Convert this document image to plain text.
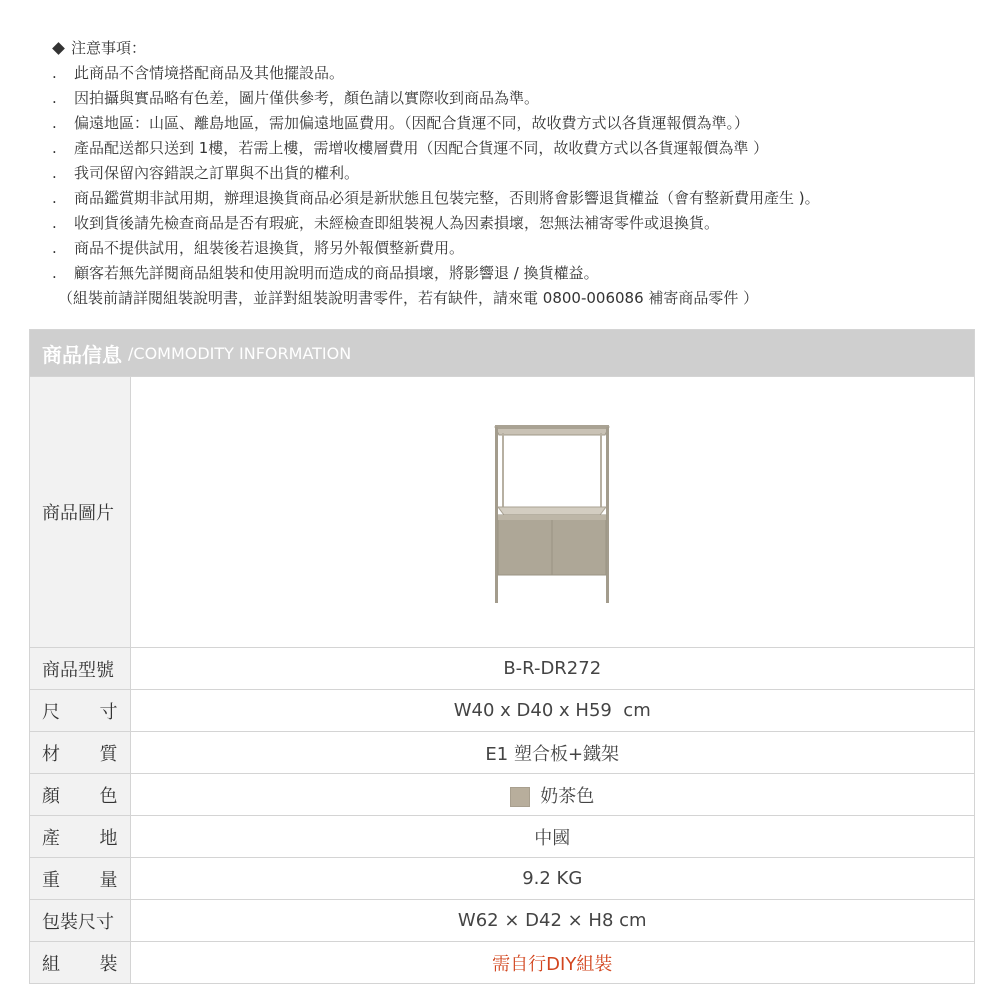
注意事項：
.	此商品不含情境搭配商品及其他擺設品。
.	因拍攝與實品略有色差，圖片僅供參考，顏色請以實際收到商品為準。
.	偏遠地區：山區、離島地區，需加偏遠地區費用。（因配合貨運不同，故收費方式以各貨運報價為準。）
.	產品配送都只送到 1樓，若需上樓，需增收樓層費用（因配合貨運不同，故收費方式以各貨運報價為準 ）
.	我司保留內容錯誤之訂單與不出貨的權利。
.	商品鑑賞期非試用期，辦理退換貨商品必須是新狀態且包裝完整，否則將會影響退貨權益（會有整新費用產生 )。
.	收到貨後請先檢查商品是否有瑕疵，未經檢查即組裝視人為因素損壞，恕無法補寄零件或退換貨。
.	商品不提供試用，組裝後若退換貨，將另外報價整新費用。
.	顧客若無先詳閱商品組裝和使用說明而造成的商品損壞，將影響退 / 換貨權益。
（組裝前請詳閱組裝說明書，並詳對組裝說明書零件，若有缺件，請來電 0800-006086 補寄商品零件 ）
商品信息 /COMMODITY INFORMATION
商品圖片	
商品型號	B-R-DR272

尺 寸	W40 x D40 x H59  cm

材 質	E1 塑合板+鐵架

顏 色	奶茶色

產 地	中國

重 量	9.2 KG
包裝尺寸	W62 × D42 × H8 cm

組 裝	需自行DIY組裝
